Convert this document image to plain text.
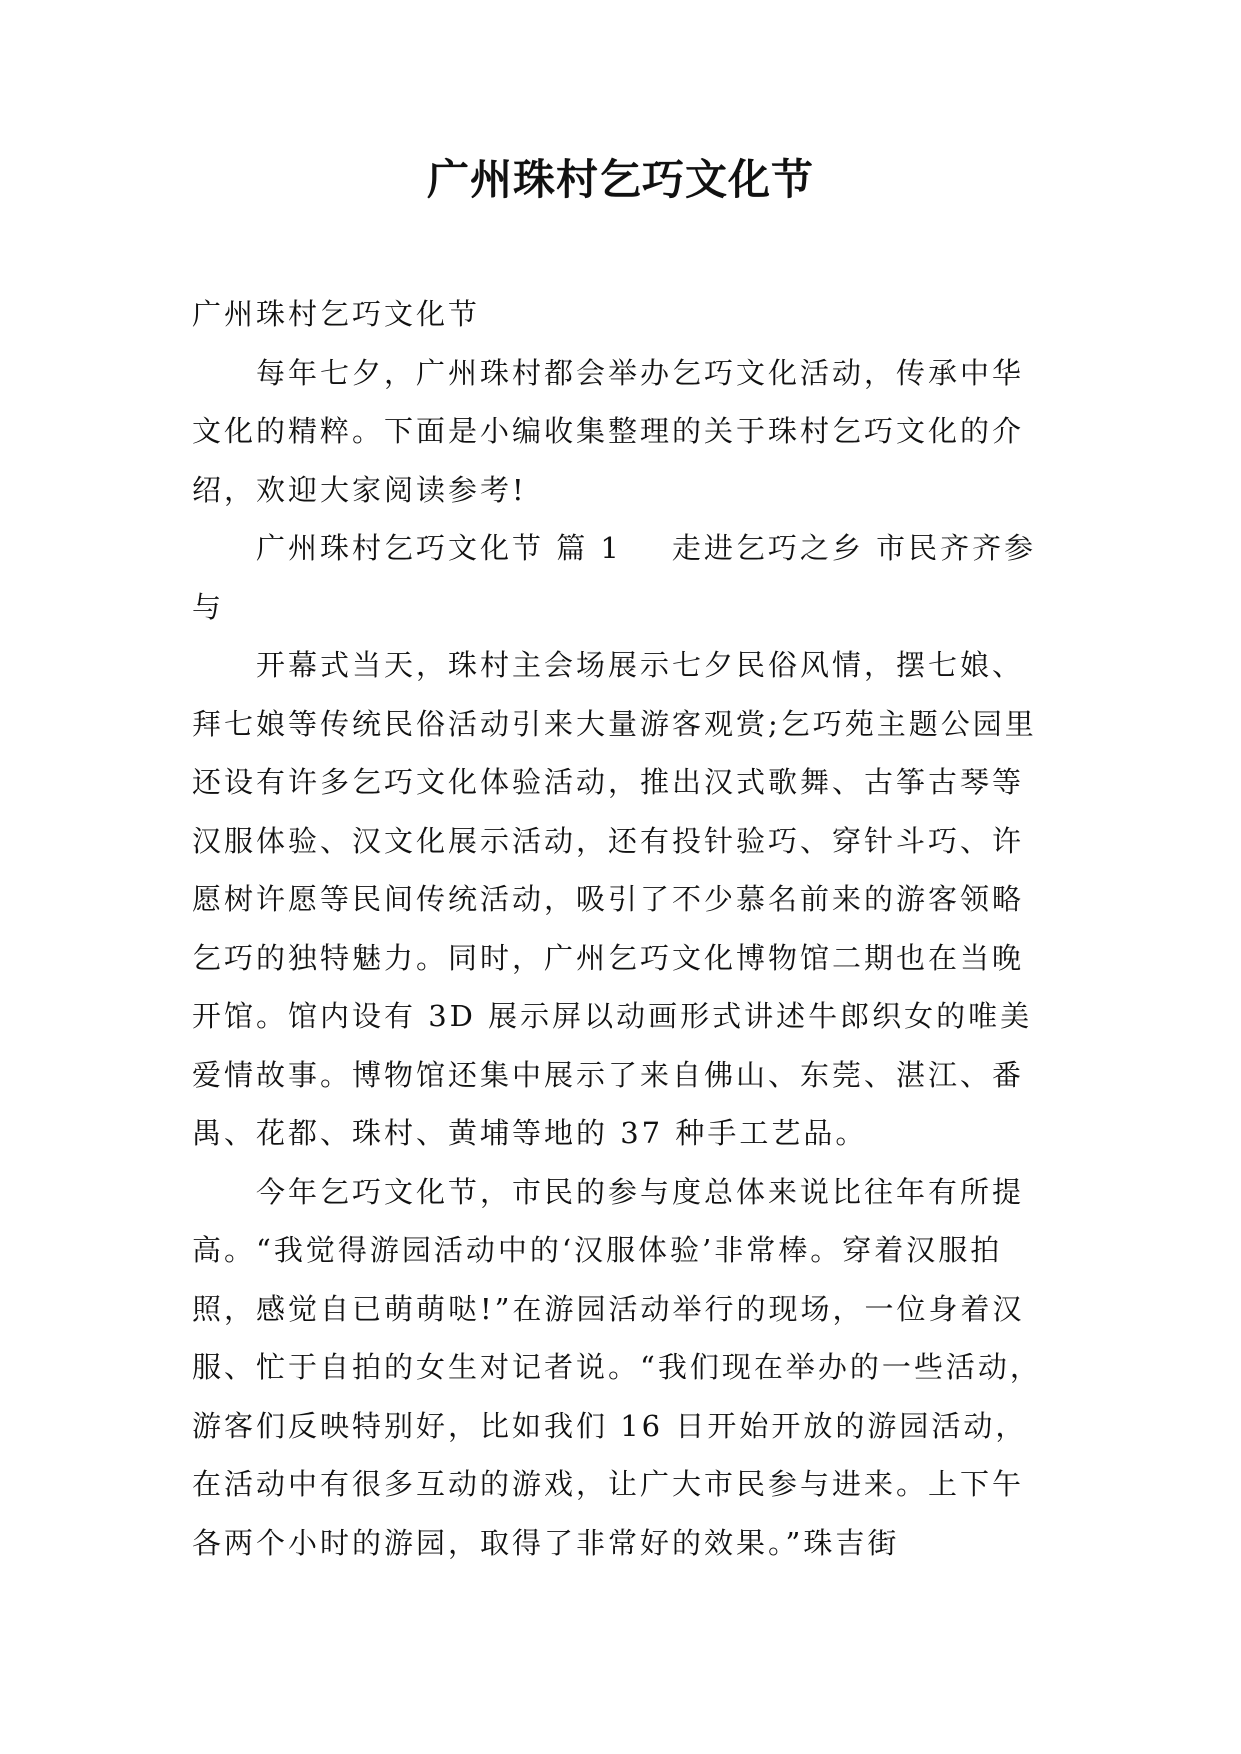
广州珠村乞巧文化节

广州珠村乞巧文化节

每年七夕，广州珠村都会举办乞巧文化活动，传承中华文化的精粹。下面是小编收集整理的关于珠村乞巧文化的介绍，欢迎大家阅读参考!

广州珠村乞巧文化节 篇 1 走进乞巧之乡 市民齐齐参与

开幕式当天，珠村主会场展示七夕民俗风情，摆七娘、拜七娘等传统民俗活动引来大量游客观赏;乞巧苑主题公园里还设有许多乞巧文化体验活动，推出汉式歌舞、古筝古琴等汉服体验、汉文化展示活动，还有投针验巧、穿针斗巧、许愿树许愿等民间传统活动，吸引了不少慕名前来的游客领略乞巧的独特魅力。同时，广州乞巧文化博物馆二期也在当晚开馆。馆内设有 3D 展示屏以动画形式讲述牛郎织女的唯美爱情故事。博物馆还集中展示了来自佛山、东莞、湛江、番禺、花都、珠村、黄埔等地的 37 种手工艺品。

今年乞巧文化节，市民的参与度总体来说比往年有所提高。“我觉得游园活动中的‘汉服体验’非常棒。穿着汉服拍照，感觉自已萌萌哒!”在游园活动举行的现场，一位身着汉服、忙于自拍的女生对记者说。“我们现在举办的一些活动，游客们反映特别好，比如我们 16 日开始开放的游园活动，在活动中有很多互动的游戏，让广大市民参与进来。上下午各两个小时的游园，取得了非常好的效果。”珠吉街
